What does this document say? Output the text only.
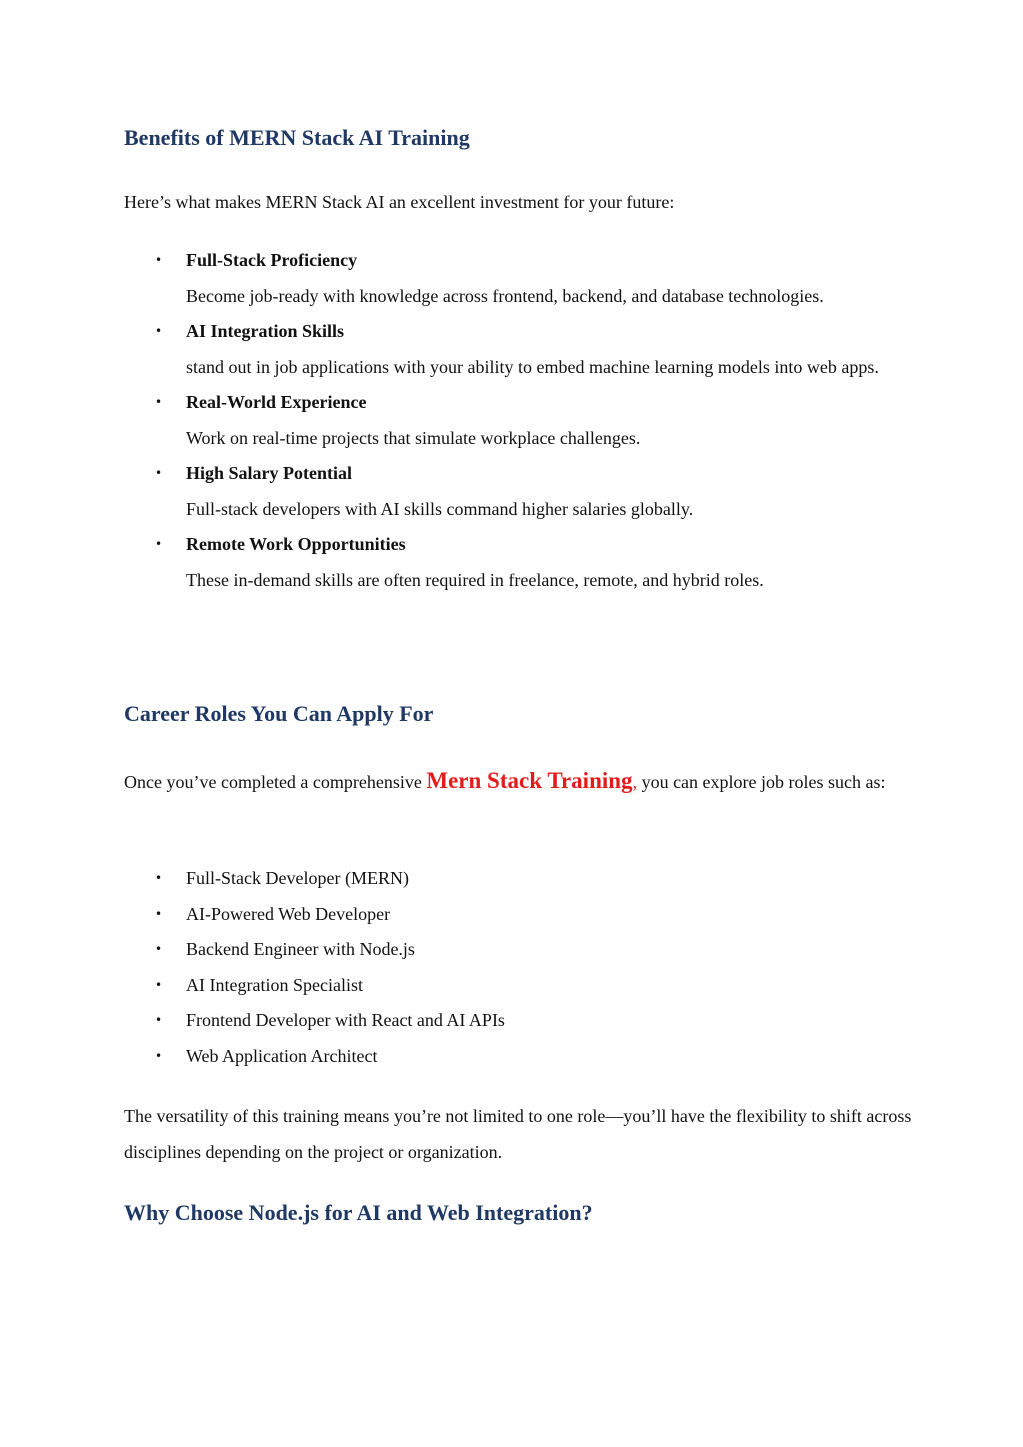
Benefits of MERN Stack AI Training

Here’s what makes MERN Stack AI an excellent investment for your future:

• Full-Stack Proficiency
Become job-ready with knowledge across frontend, backend, and database technologies.
• AI Integration Skills
stand out in job applications with your ability to embed machine learning models into web apps.
• Real-World Experience
Work on real-time projects that simulate workplace challenges.
• High Salary Potential
Full-stack developers with AI skills command higher salaries globally.
• Remote Work Opportunities
These in-demand skills are often required in freelance, remote, and hybrid roles.
Career Roles You Can Apply For

Once you’ve completed a comprehensive Mern Stack Training, you can explore job roles such as:

• Full-Stack Developer (MERN)
• AI-Powered Web Developer
• Backend Engineer with Node.js
• AI Integration Specialist
• Frontend Developer with React and AI APIs
• Web Application Architect

The versatility of this training means you’re not limited to one role—you’ll have the flexibility to shift across disciplines depending on the project or organization.

Why Choose Node.js for AI and Web Integration?
